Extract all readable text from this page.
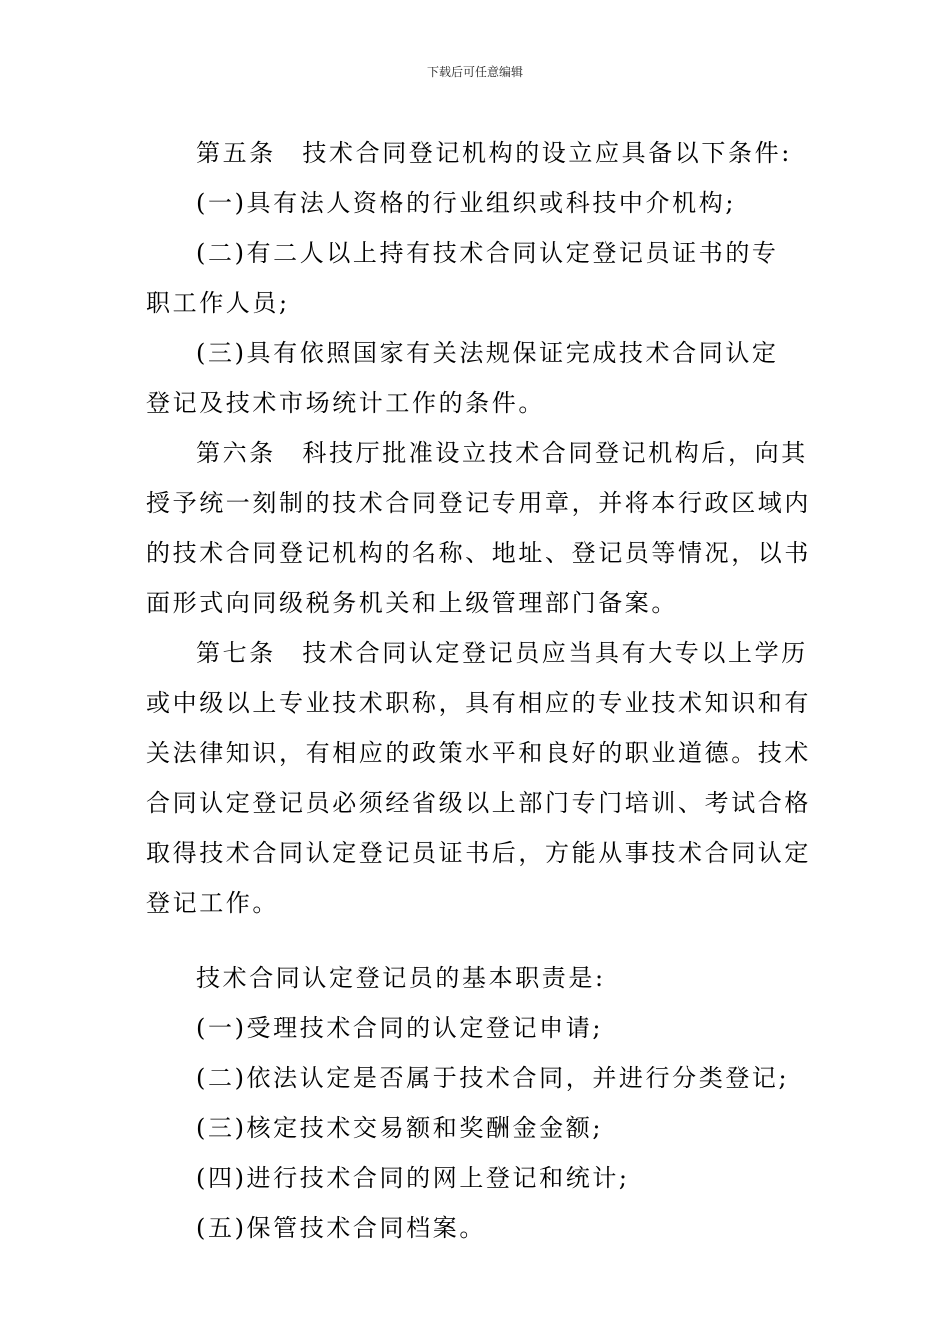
下载后可任意编辑
第五条　技术合同登记机构的设立应具备以下条件:
(一)具有法人资格的行业组织或科技中介机构;
(二)有二人以上持有技术合同认定登记员证书的专
职工作人员;
(三)具有依照国家有关法规保证完成技术合同认定
登记及技术市场统计工作的条件。
第六条　科技厅批准设立技术合同登记机构后，向其
授予统一刻制的技术合同登记专用章，并将本行政区域内
的技术合同登记机构的名称、地址、登记员等情况，以书
面形式向同级税务机关和上级管理部门备案。
第七条　技术合同认定登记员应当具有大专以上学历
或中级以上专业技术职称，具有相应的专业技术知识和有
关法律知识，有相应的政策水平和良好的职业道德。技术
合同认定登记员必须经省级以上部门专门培训、考试合格
取得技术合同认定登记员证书后，方能从事技术合同认定
登记工作。
技术合同认定登记员的基本职责是:
(一)受理技术合同的认定登记申请;
(二)依法认定是否属于技术合同，并进行分类登记;
(三)核定技术交易额和奖酬金金额;
(四)进行技术合同的网上登记和统计;
(五)保管技术合同档案。
